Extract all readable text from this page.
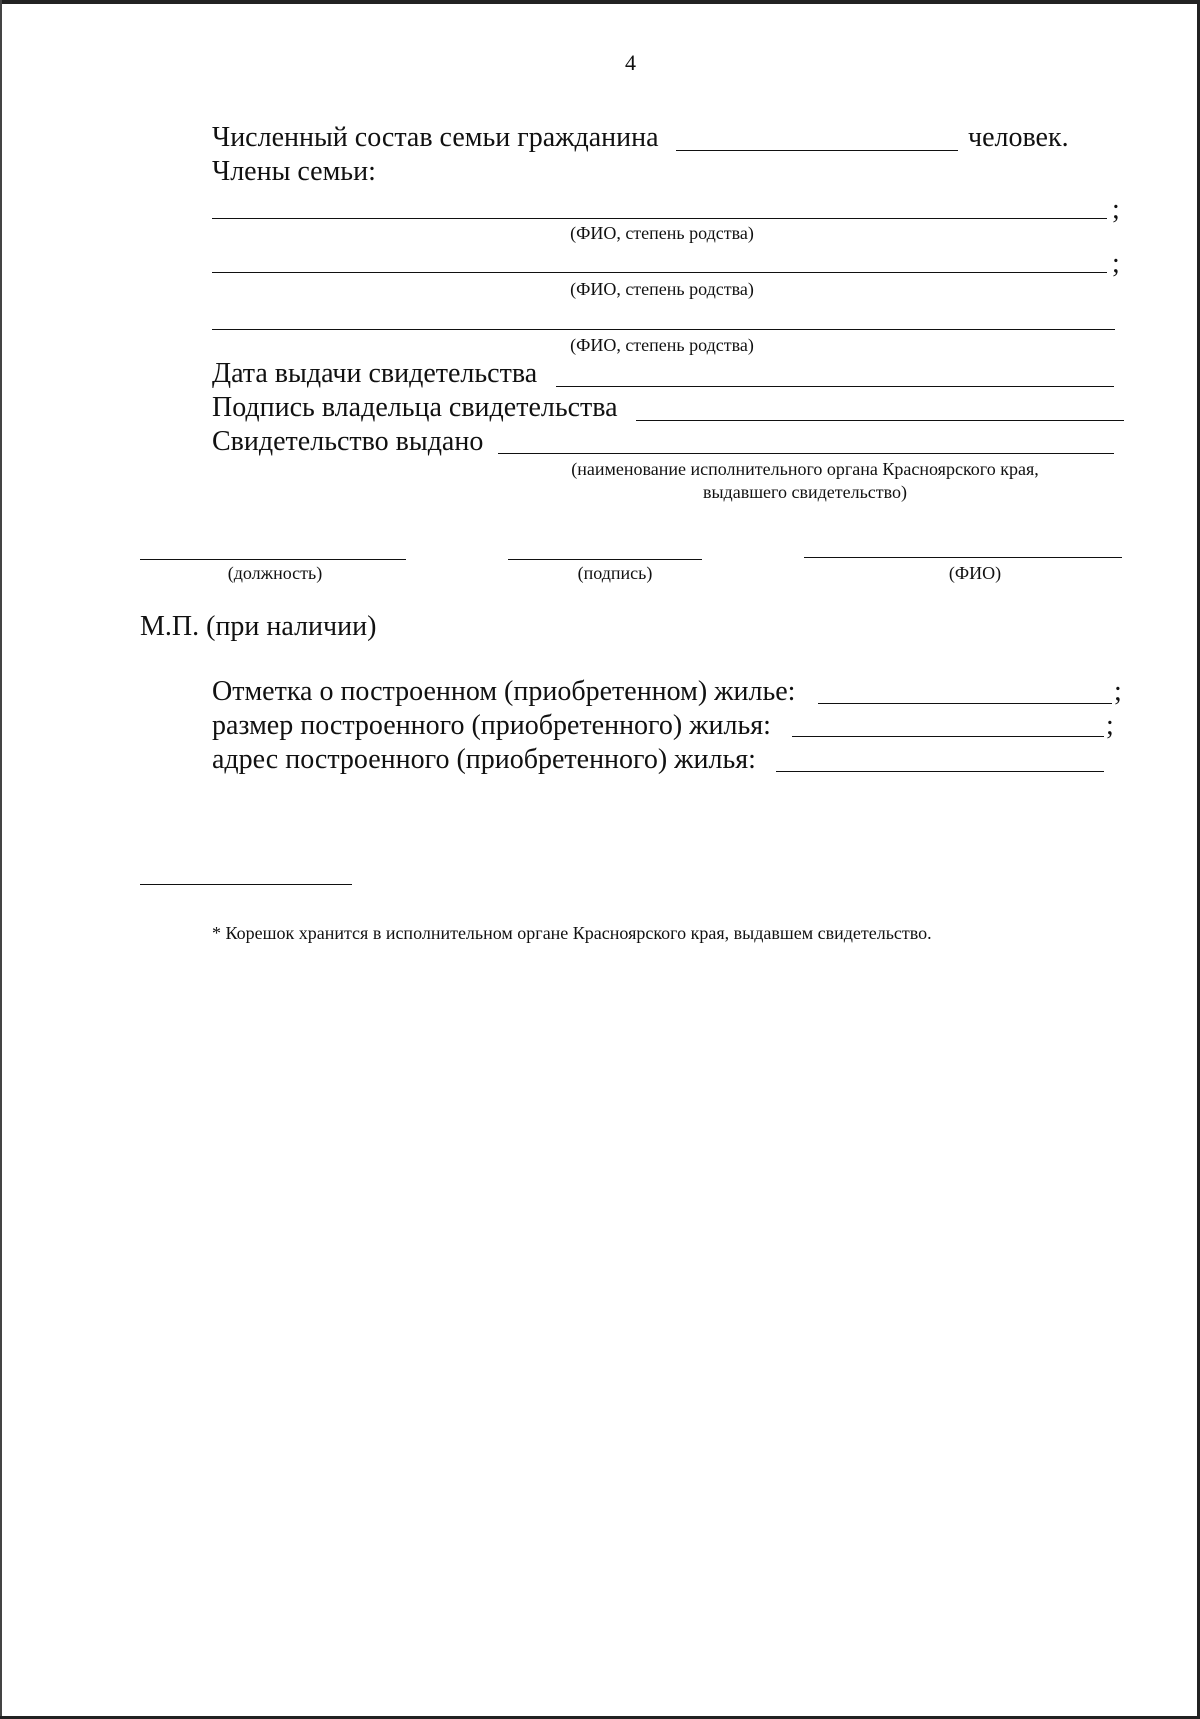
4
Численный состав семьи гражданина	человек.
Члены семьи:
;
(ФИО, степень родства)
;
(ФИО, степень родства)
(ФИО, степень родства)
Дата выдачи свидетельства
Подпись владельца свидетельства
Свидетельство выдано
(наименование исполнительного органа Красноярского края,
выдавшего свидетельство)
(должность)	(подпись)	(ФИО)
М.П. (при наличии)
Отметка о построенном (приобретенном) жилье:	;
размер построенного (приобретенного) жилья:	;
адрес построенного (приобретенного) жилья:
* Корешок хранится в исполнительном органе Красноярского края, выдавшем свидетельство.
